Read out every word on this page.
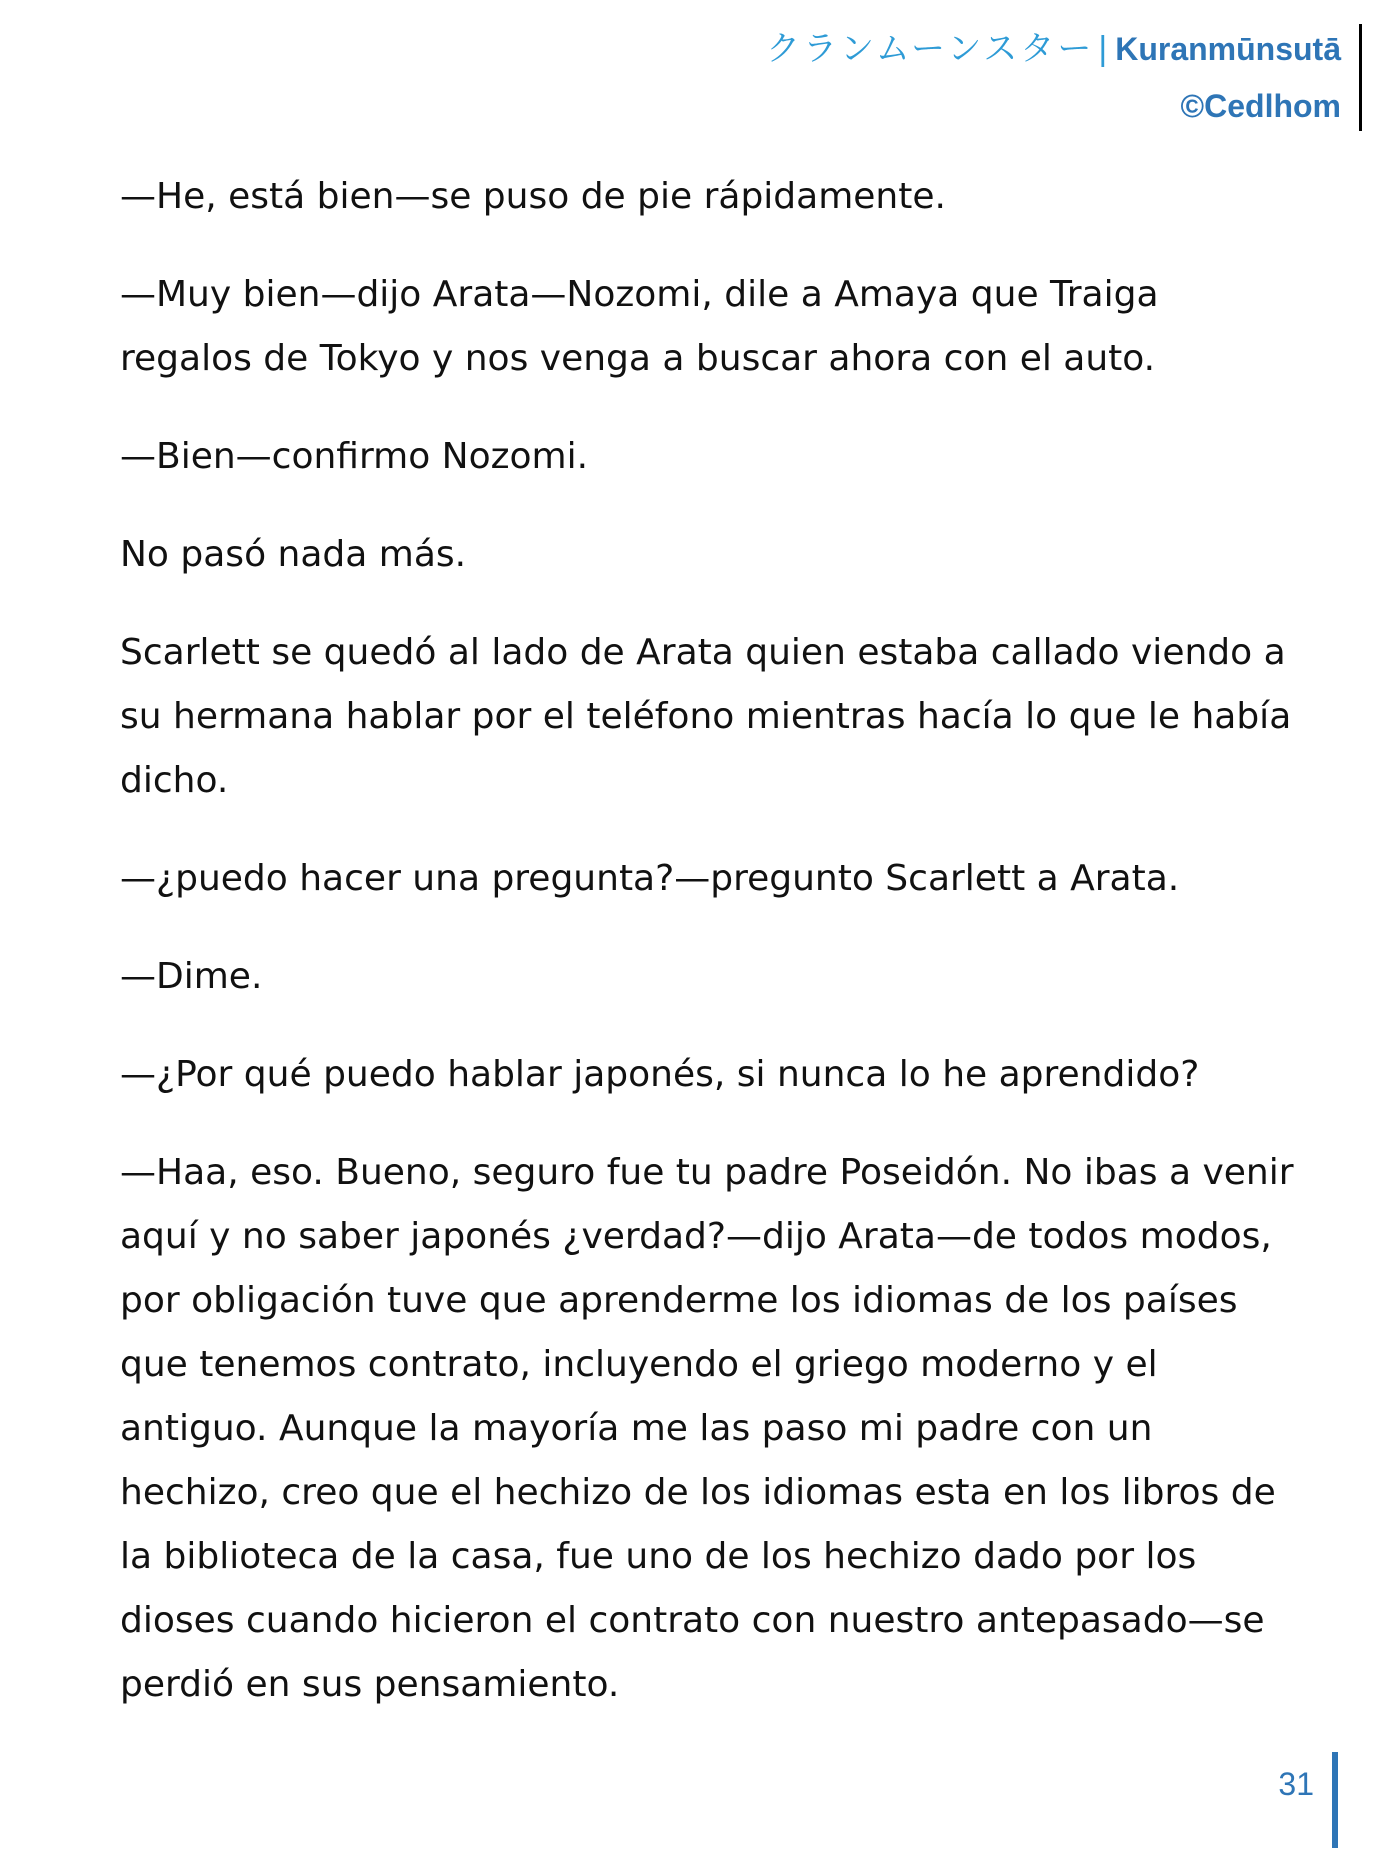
クランムーンスター | Kuranmūnsutā
©Cedlhom

—He, está bien—se puso de pie rápidamente.

—Muy bien—dijo Arata—Nozomi, dile a Amaya que Traiga regalos de Tokyo y nos venga a buscar ahora con el auto.

—Bien—confirmo Nozomi.

No pasó nada más.

Scarlett se quedó al lado de Arata quien estaba callado viendo a su hermana hablar por el teléfono mientras hacía lo que le había dicho.

—¿puedo hacer una pregunta?—pregunto Scarlett a Arata.

—Dime.

—¿Por qué puedo hablar japonés, si nunca lo he aprendido?

—Haa, eso. Bueno, seguro fue tu padre Poseidón. No ibas a venir aquí y no saber japonés ¿verdad?—dijo Arata—de todos modos, por obligación tuve que aprenderme los idiomas de los países que tenemos contrato, incluyendo el griego moderno y el antiguo. Aunque la mayoría me las paso mi padre con un hechizo, creo que el hechizo de los idiomas esta en los libros de la biblioteca de la casa, fue uno de los hechizo dado por los dioses cuando hicieron el contrato con nuestro antepasado—se perdió en sus pensamiento.

31
